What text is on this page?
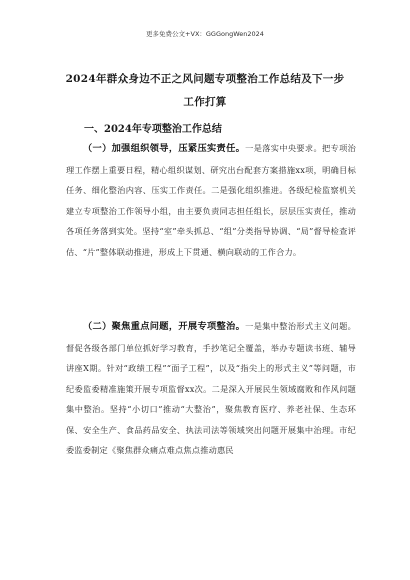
更多免费公文+VX：GGGongWen2024
2024年群众身边不正之风问题专项整治工作总结及下一步
工作打算
一、2024年专项整治工作总结
（一）加强组织领导，压紧压实责任。一是落实中央要求。把专项治理工作摆上重要日程，精心组织谋划、研究出台配套方案措施xx项，明确目标任务、细化整治内容、压实工作责任。二是强化组织推进。各级纪检监察机关建立专项整治工作领导小组，由主要负责同志担任组长，层层压实责任，推动各项任务落到实处。坚持“室”牵头抓总、“组”分类指导协调、“局”督导检查评估、“片”整体联动推进，形成上下贯通、横向联动的工作合力。
（二）聚焦重点问题，开展专项整治。一是集中整治形式主义问题。督促各级各部门单位抓好学习教育，手抄笔记全覆盖，举办专题读书班、辅导讲座X期。针对“政绩工程”“面子工程”，以及“指尖上的形式主义”等问题，市纪委监委精准施策开展专项监督xx次。二是深入开展民生领域腐败和作风问题集中整治。坚持“小切口”推动“大整治”，聚焦教育医疗、养老社保、生态环保、安全生产、食品药品安全、执法司法等领域突出问题开展集中治理。市纪委监委制定《聚焦群众痛点难点焦点推动惠民
